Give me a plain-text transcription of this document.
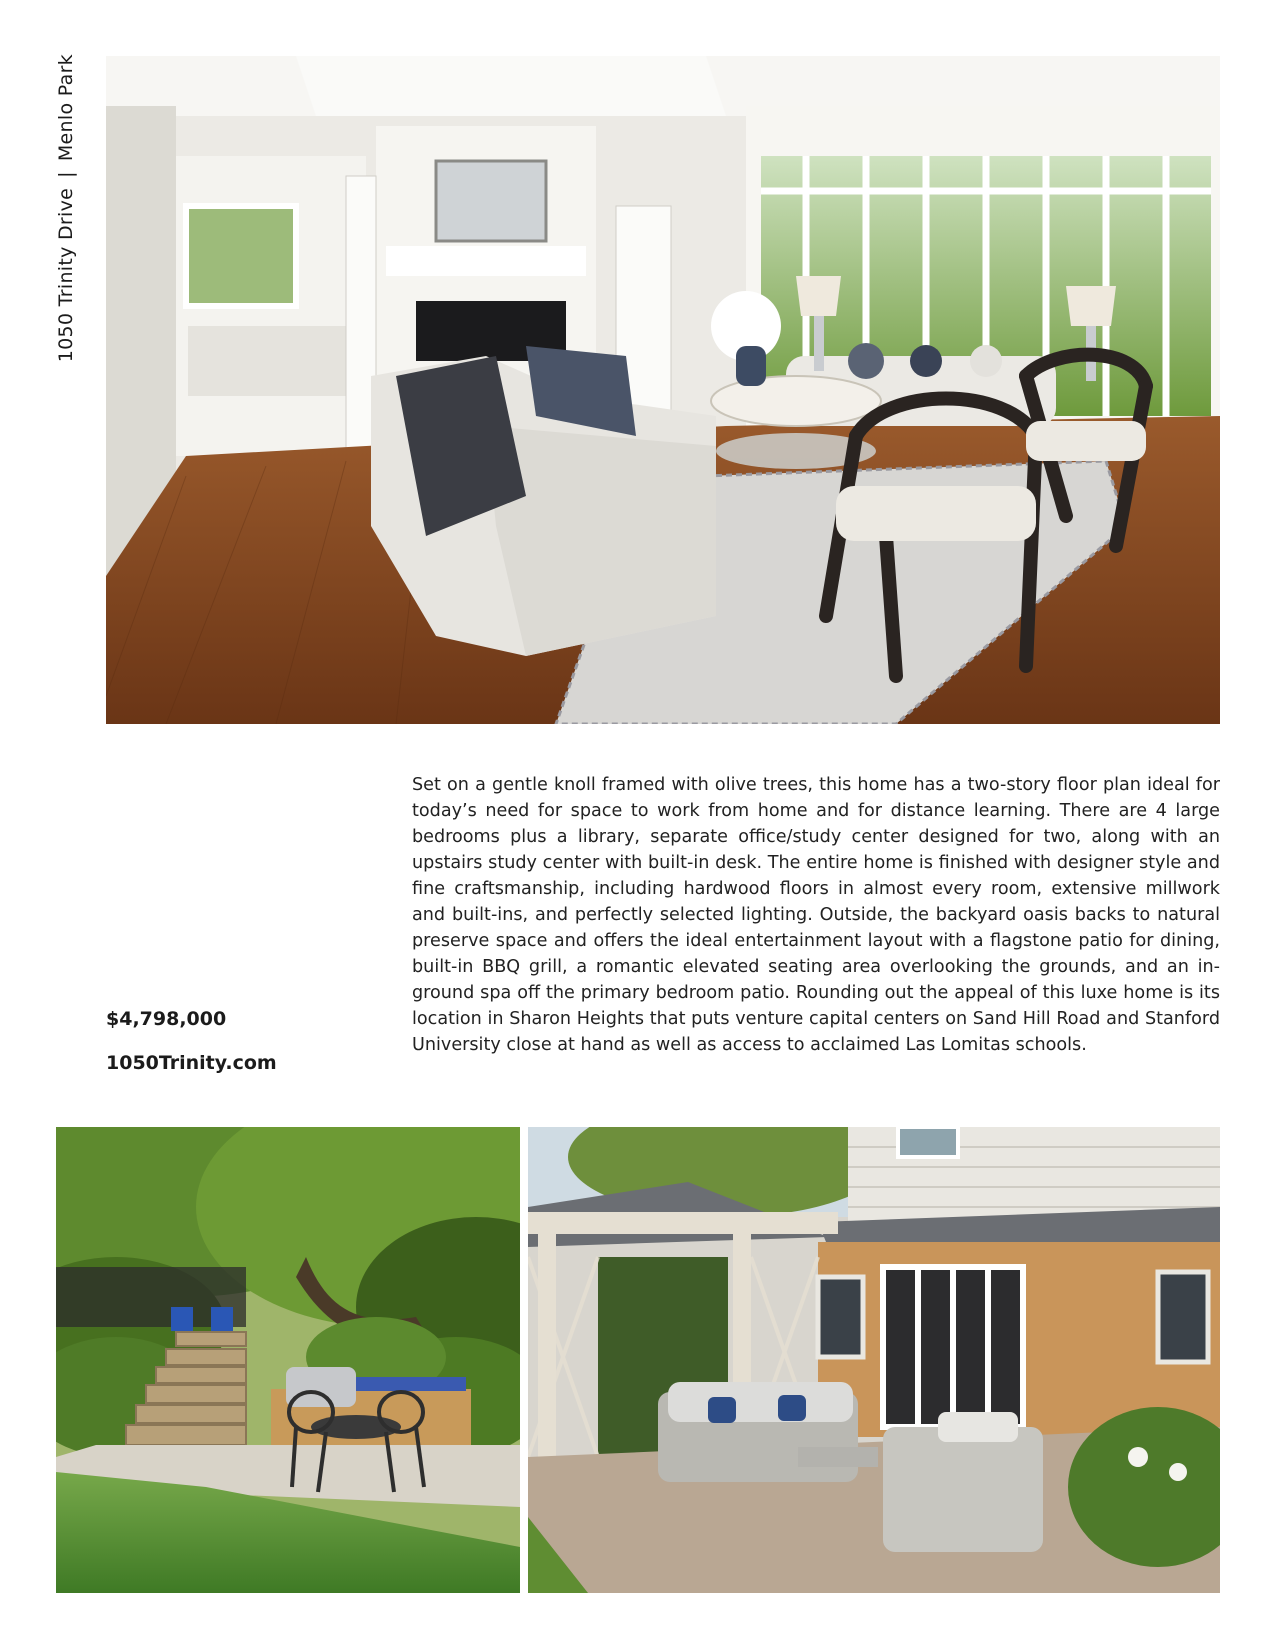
1050 Trinity Drive
|
Menlo Park
$4,798,000
1050Trinity.com

Set on a gentle knoll framed with olive trees, this home has a two-story floor plan ideal for today’s need for space to work from home and for distance learning. There are 4 large bedrooms plus a library, separate office/study center designed for two, along with an upstairs study center with built-in desk. The entire home is finished with designer style and fine craftsmanship, including hardwood floors in almost every room, extensive millwork and built-ins, and perfectly selected lighting. Outside, the backyard oasis backs to natural preserve space and offers the ideal entertainment layout with a flagstone patio for dining, built-in BBQ grill, a romantic elevated seating area overlooking the grounds, and an in-ground spa off the primary bedroom patio. Rounding out the appeal of this luxe home is its location in Sharon Heights that puts venture capital centers on Sand Hill Road and Stanford University close at hand as well as access to acclaimed Las Lomitas schools.
